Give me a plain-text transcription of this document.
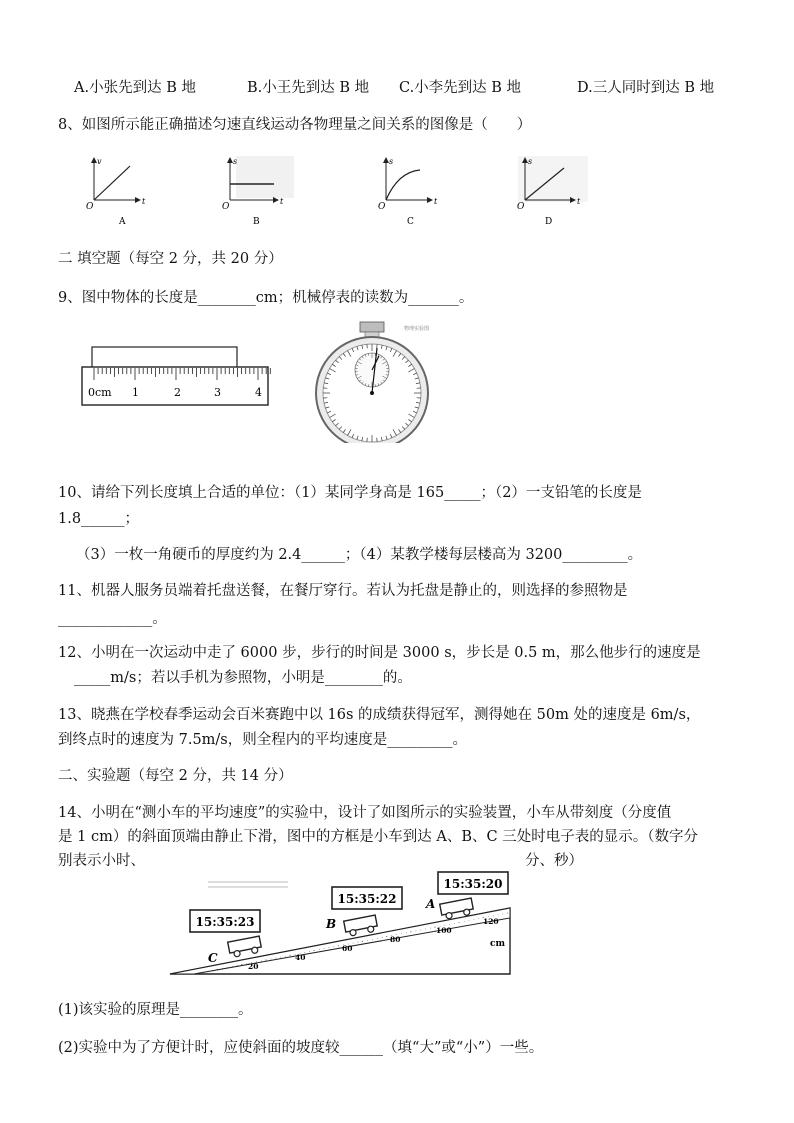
A.小张先到达 B 地	B.小王先到达 B 地 C.小李先到达 B 地	D.三人同时到达 B 地
8、如图所示能正确描述匀速直线运动各物理量之间关系的图像是（　　）
v
t
O
A
s
t
O
B
s
t
O
C
s
t
O
D
二 填空题（每空 2 分，共 20 分）
9、图中物体的长度是________cm；机械停表的读数为_______。
0cm 1	2	3	4
物理实验图
10、请给下列长度填上合适的单位：（1）某同学身高是 165_____；（2）一支铅笔的长度是
1.8______；
（3）一枚一角硬币的厚度约为 2.4______；（4）某教学楼每层楼高为 3200_________。
11、机器人服务员端着托盘送餐，在餐厅穿行。若认为托盘是静止的，则选择的参照物是
_____________。
12、小明在一次运动中走了 6000 步，步行的时间是 3000 s，步长是 0.5 m，那么他步行的速度是
_____m/s；若以手机为参照物，小明是________的。
13、晓燕在学校春季运动会百米赛跑中以 16s 的成绩获得冠军，测得她在 50m 处的速度是 6m/s，
到终点时的速度为 7.5m/s，则全程内的平均速度是_________。
二、实验题（每空 2 分，共 14 分）
14、小明在“测小车的平均速度”的实验中，设计了如图所示的实验装置，小车从带刻度（分度值
是 1 cm）的斜面顶端由静止下滑，图中的方框是小车到达 A、B、C 三处时电子表的显示。（数字分
别表示小时、	分、秒）
20
40
60
80
100
120
cm
15:35:23
C
15:35:22
B
15:35:20
A
(1)该实验的原理是________。
(2)实验中为了方便计时，应使斜面的坡度较______（填“大”或“小”）一些。
